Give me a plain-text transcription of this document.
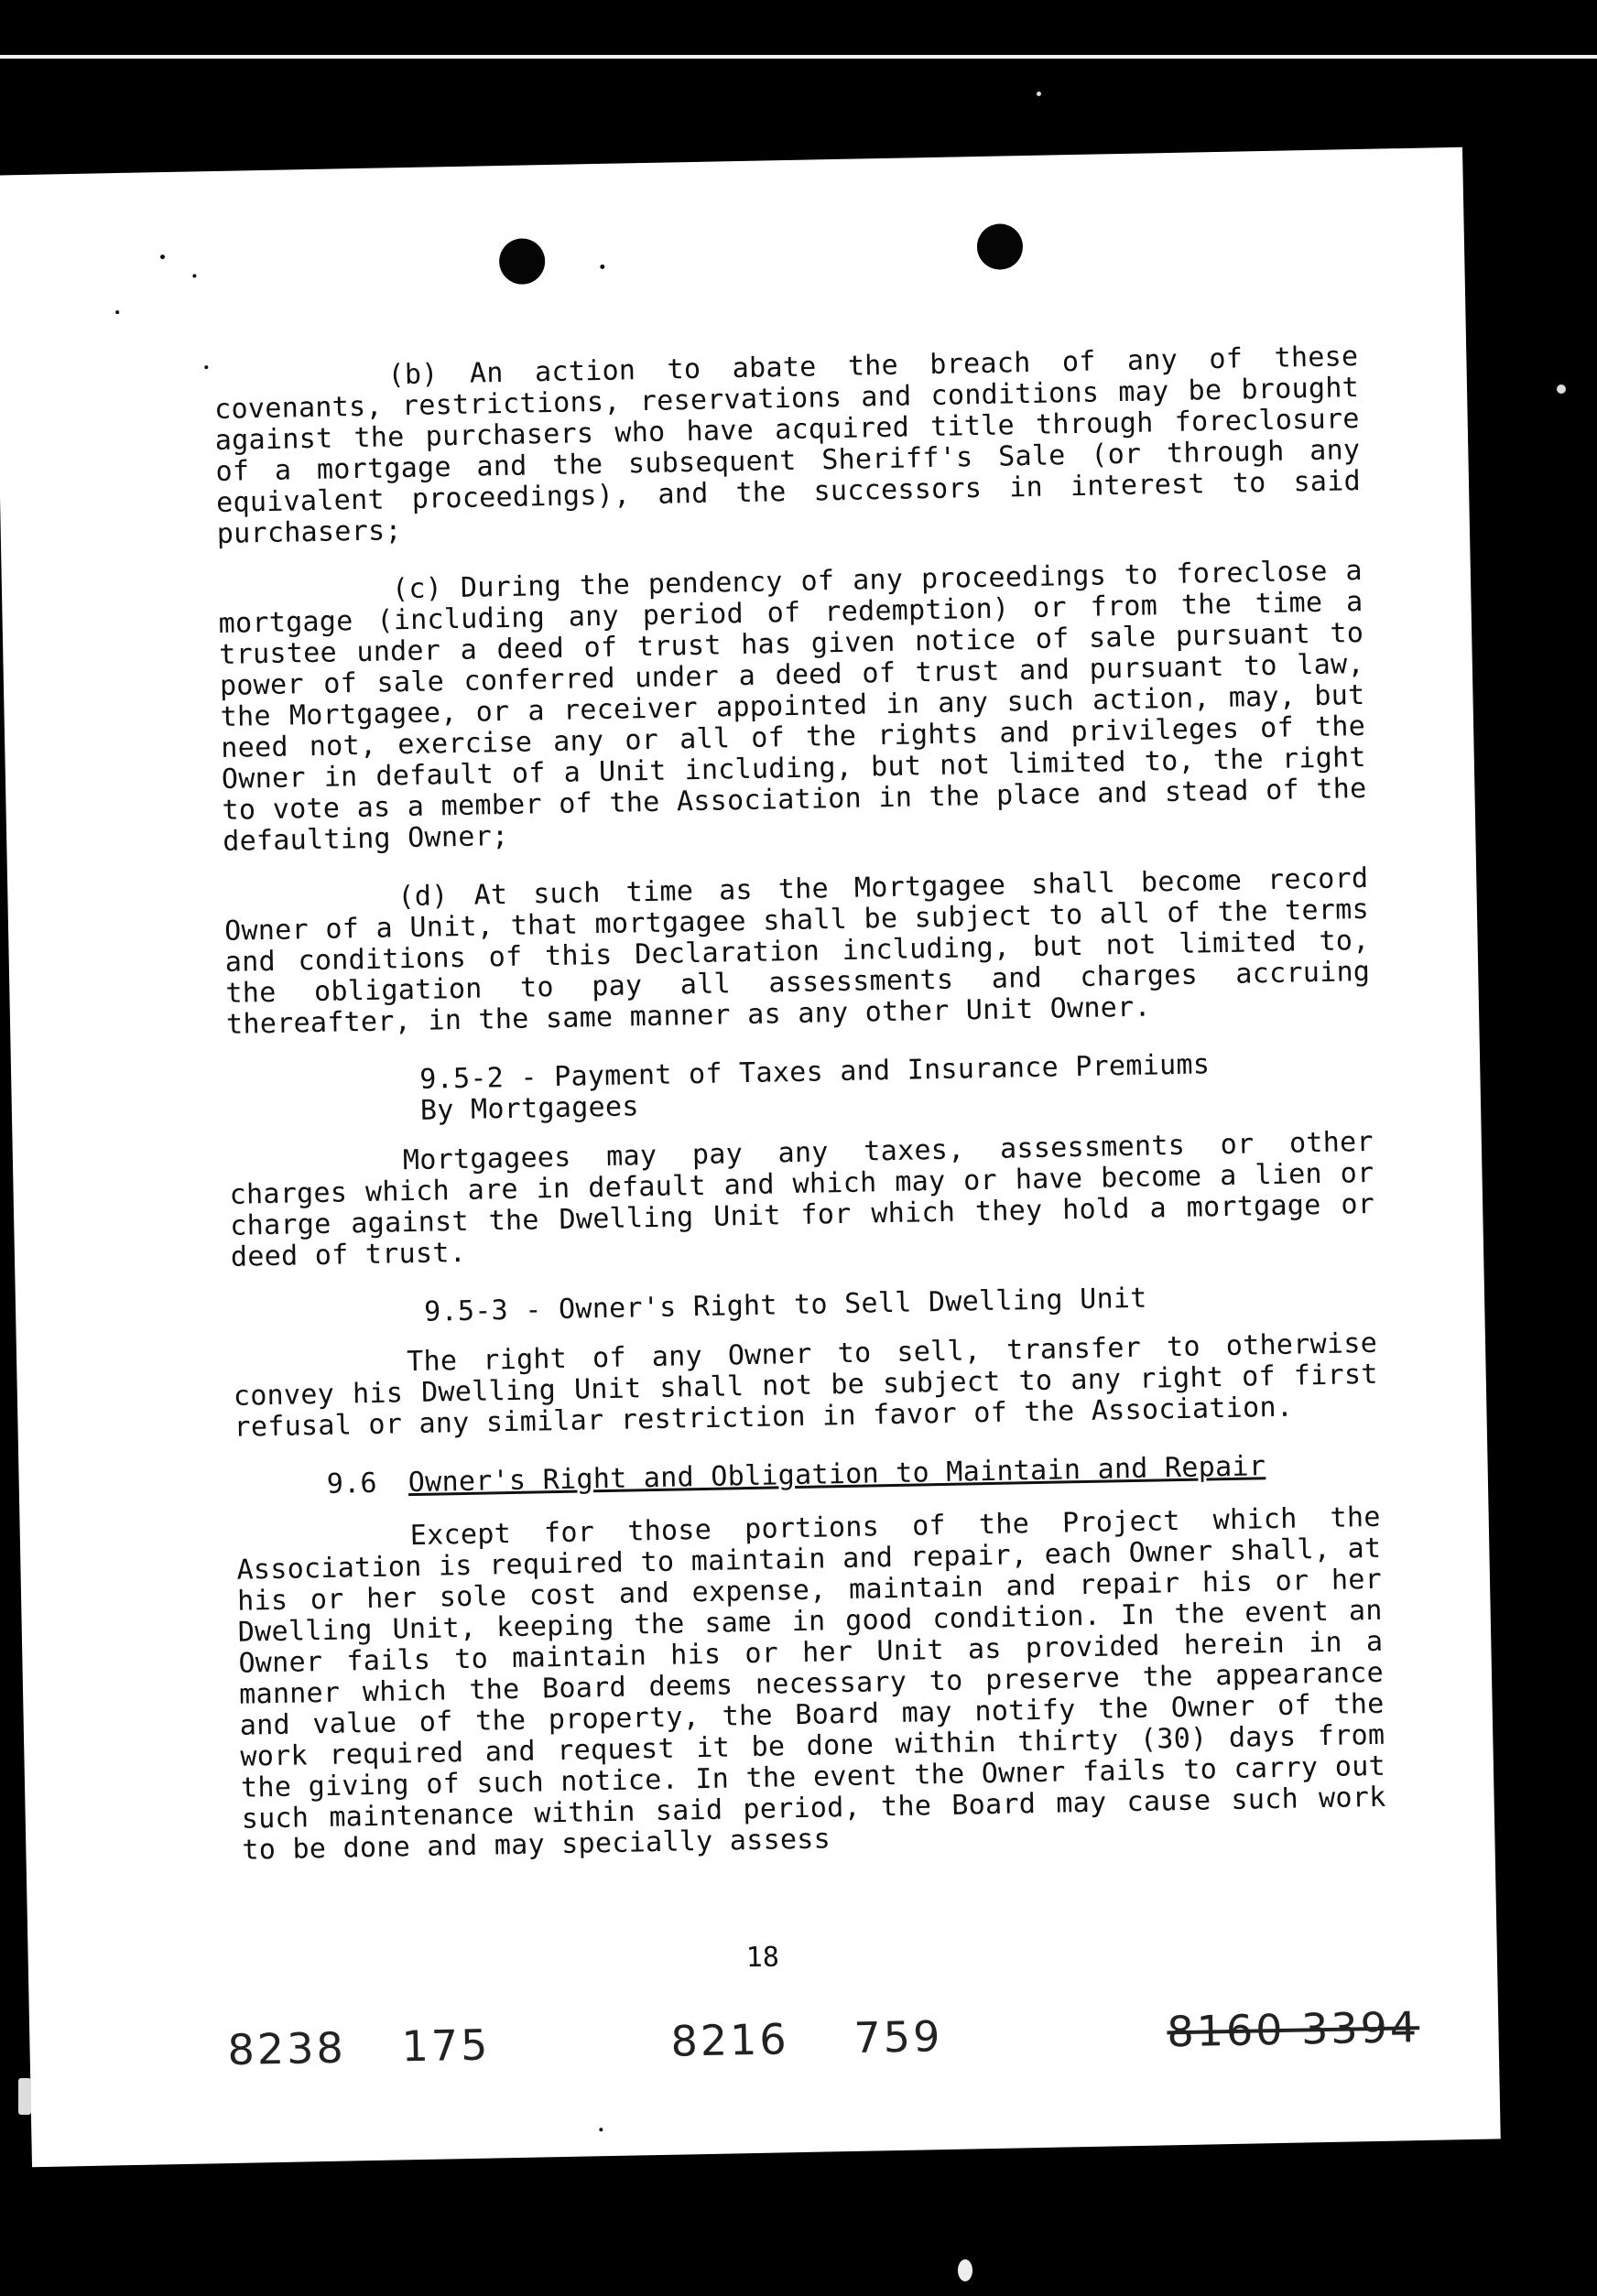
(b) An action to abate the breach of any of these covenants, restrictions, reservations and conditions may be brought against the purchasers who have acquired title through foreclosure of a mortgage and the subsequent Sheriff's Sale (or through any equivalent proceedings), and the successors in interest to said purchasers;

(c) During the pendency of any proceedings to foreclose a mortgage (including any period of redemption) or from the time a trustee under a deed of trust has given notice of sale pursuant to power of sale conferred under a deed of trust and pursuant to law, the Mortgagee, or a receiver appointed in any such action, may, but need not, exercise any or all of the rights and privileges of the Owner in default of a Unit including, but not limited to, the right to vote as a member of the Association in the place and stead of the defaulting Owner;

(d) At such time as the Mortgagee shall become record Owner of a Unit, that mortgagee shall be subject to all of the terms and conditions of this Declaration including, but not limited to, the obligation to pay all assessments and charges accruing thereafter, in the same manner as any other Unit Owner.

9.5-2 - Payment of Taxes and Insurance Premiums
By Mortgagees

Mortgagees may pay any taxes, assessments or other charges which are in default and which may or have become a lien or charge against the Dwelling Unit for which they hold a mortgage or deed of trust.

9.5-3 - Owner's Right to Sell Dwelling Unit

The right of any Owner to sell, transfer to otherwise convey his Dwelling Unit shall not be subject to any right of first refusal or any similar restriction in favor of the Association.

9.6 Owner's Right and Obligation to Maintain and Repair

Except for those portions of the Project which the Association is required to maintain and repair, each Owner shall, at his or her sole cost and expense, maintain and repair his or her Dwelling Unit, keeping the same in good condition. In the event an Owner fails to maintain his or her Unit as provided herein in a manner which the Board deems necessary to preserve the appearance and value of the property, the Board may notify the Owner of the work required and request it be done within thirty (30) days from the giving of such notice. In the event the Owner fails to carry out such maintenance within said period, the Board may cause such work to be done and may specially assess

18
8238 175	8216 759	8160 3394
